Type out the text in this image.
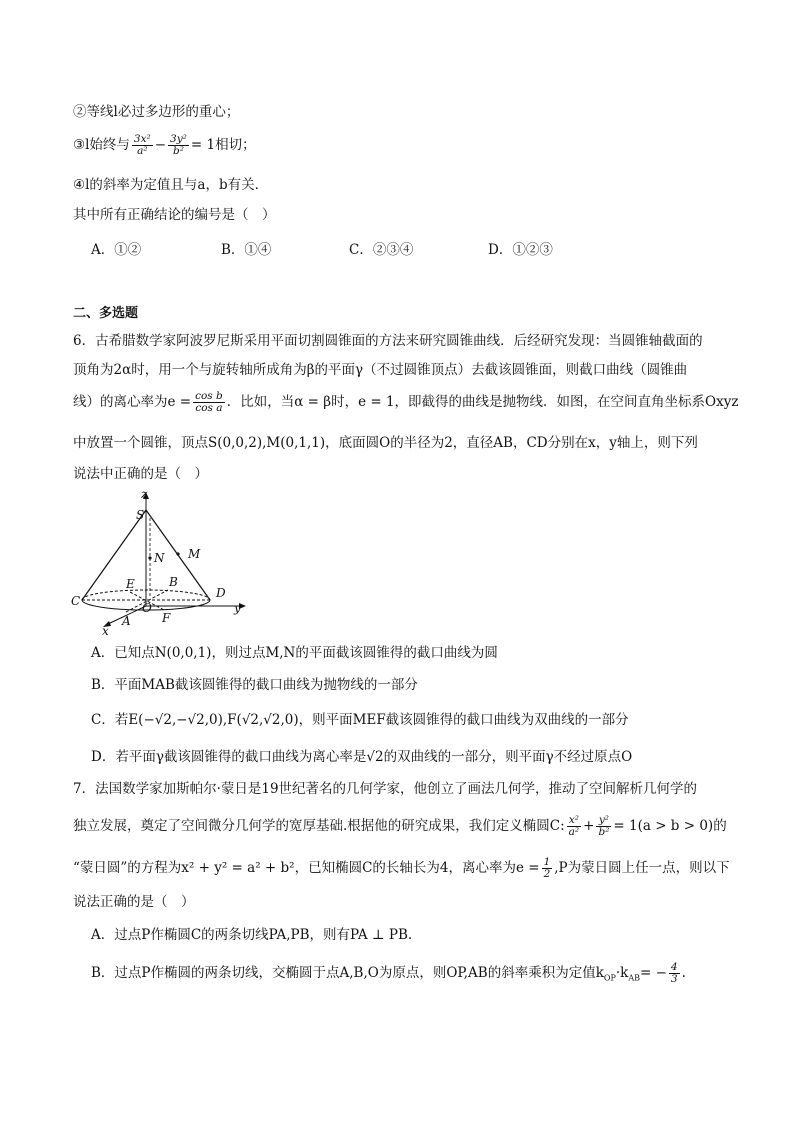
②等线l必过多边形的重心；
③l始终与 $\frac{\text{3x²}}{\text{a²}} - \frac{\text{3y²}}{\text{b²}} = 1$相切；
④l的斜率为定值且与a，b有关．
其中所有正确结论的编号是（　）
A．①②	B．①④	C．②③④	D．①②③
二、多选题
6．古希腊数学家阿波罗尼斯采用平面切割圆锥面的方法来研究圆锥曲线．后经研究发现：当圆锥轴截面的
顶角为2α时，用一个与旋转轴所成角为β的平面γ（不过圆锥顶点）去截该圆锥面，则截口曲线（圆锥曲
线）的离心率为$e = \frac{\text{cos b}}{\text{cos a}}$ ．比如，当α = β时，e = 1，即截得的曲线是抛物线．如图，在空间直角坐标系Oxyz
中放置一个圆锥，顶点S(0,0,2),M(0,1,1)，底面圆O的半径为2，直径AB，CD分别在x，y轴上，则下列
说法中正确的是（　）
z
S
N M
E	B
C	O
D
y
A	F
x
A．已知点N(0,0,1)，则过点M,N的平面截该圆锥得的截口曲线为圆
B．平面MAB截该圆锥得的截口曲线为抛物线的一部分
C．若E(−√2,−√2,0),F(√2,√2,0)，则平面MEF截该圆锥得的截口曲线为双曲线的一部分
D．若平面γ截该圆锥得的截口曲线为离心率是√2的双曲线的一部分，则平面γ不经过原点O
7．法国数学家加斯帕尔·蒙日是19世纪著名的几何学家，他创立了画法几何学，推动了空间解析几何学的
独立发展，奠定了空间微分几何学的宽厚基础.根据他的研究成果，我们定义椭圆C: $\frac{\text{x²}}{\text{a²}} + \frac{\text{y²}}{\text{b²}} = 1(a > b > 0)$的
“蒙日圆”的方程为x² + y² = a² + b²，已知椭圆C的长轴长为4，离心率为$e = \frac{1}{2} ,P$为蒙日圆上任一点，则以下
说法正确的是（　）
A．过点P作椭圆C的两条切线PA,PB，则有PA ⊥ PB.
B．过点P作椭圆的两条切线，交椭圆于点A,B,O为原点，则OP,AB的斜率乘积为定值$k_{OP}\cdot k_{AB}= - \frac{4}{3}$ .
